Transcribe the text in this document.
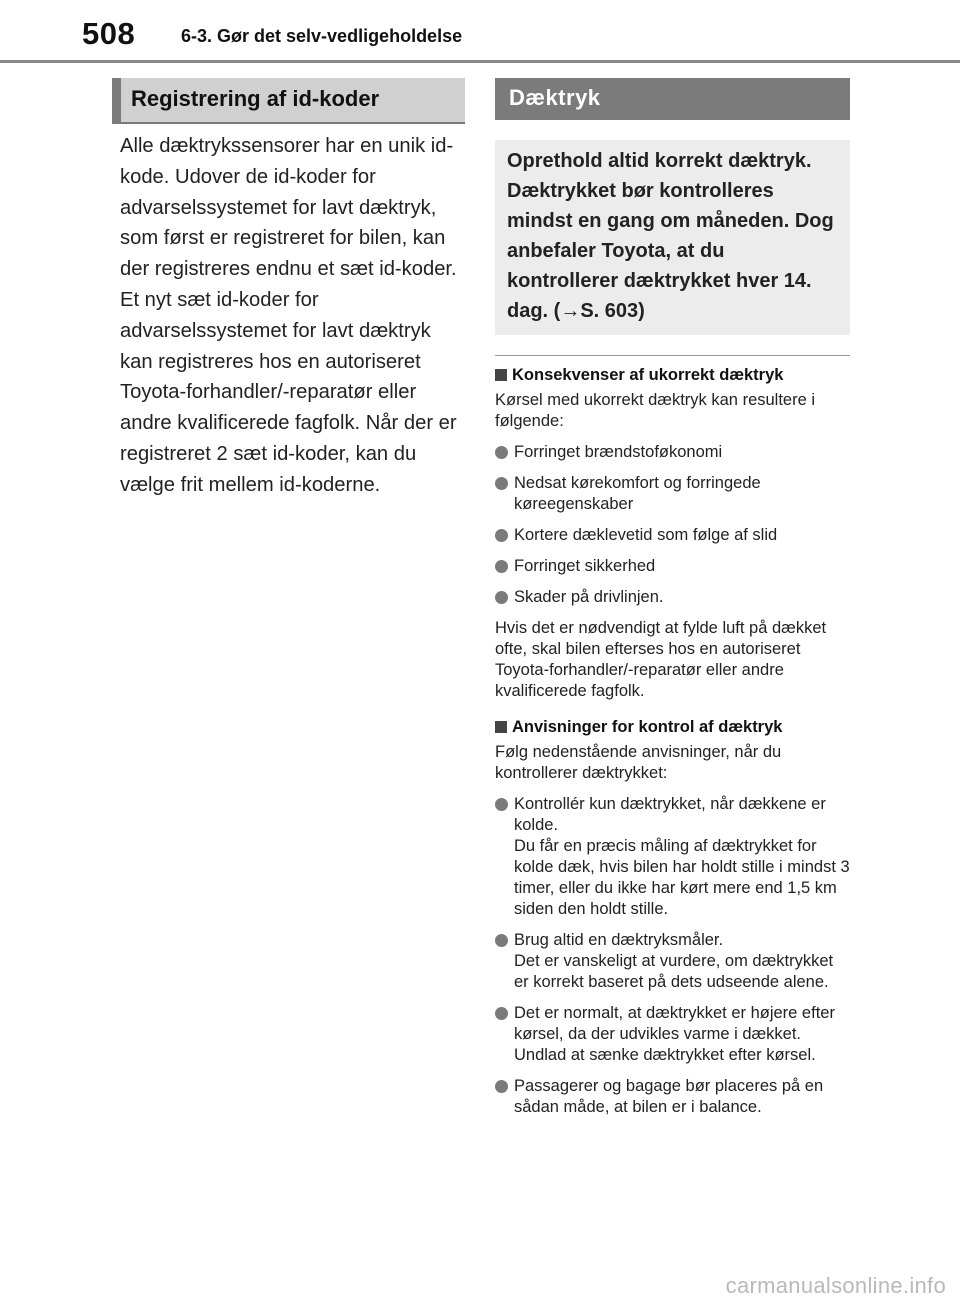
508	6-3. Gør det selv-vedligeholdelse
Registrering af id-koder
Alle dæktrykssensorer har en unik id-kode. Udover de id-koder for advarselssystemet for lavt dæktryk, som først er registreret for bilen, kan der registreres endnu et sæt id-koder. Et nyt sæt id-koder for advarselssystemet for lavt dæktryk kan registreres hos en autoriseret Toyota-forhandler/-reparatør eller andre kvalificerede fagfolk. Når der er registreret 2 sæt id-koder, kan du vælge frit mellem id-koderne.
Dæktryk
Oprethold altid korrekt dæktryk. Dæktrykket bør kontrolleres mindst en gang om måneden. Dog anbefaler Toyota, at du kontrollerer dæktrykket hver 14. dag. (→S. 603)
Konsekvenser af ukorrekt dæktryk
Kørsel med ukorrekt dæktryk kan resultere i følgende:
Forringet brændstoføkonomi
Nedsat kørekomfort og forringede køreegenskaber
Kortere dæklevetid som følge af slid
Forringet sikkerhed
Skader på drivlinjen.
Hvis det er nødvendigt at fylde luft på dækket ofte, skal bilen efterses hos en autoriseret Toyota-forhandler/-reparatør eller andre kvalificerede fagfolk.
Anvisninger for kontrol af dæktryk
Følg nedenstående anvisninger, når du kontrollerer dæktrykket:
Kontrollér kun dæktrykket, når dækkene er kolde.
Du får en præcis måling af dæktrykket for kolde dæk, hvis bilen har holdt stille i mindst 3 timer, eller du ikke har kørt mere end 1,5 km siden den holdt stille.
Brug altid en dæktryksmåler.
Det er vanskeligt at vurdere, om dæktrykket er korrekt baseret på dets udseende alene.
Det er normalt, at dæktrykket er højere efter kørsel, da der udvikles varme i dækket. Undlad at sænke dæktrykket efter kørsel.
Passagerer og bagage bør placeres på en sådan måde, at bilen er i balance.
carmanualsonline.info
